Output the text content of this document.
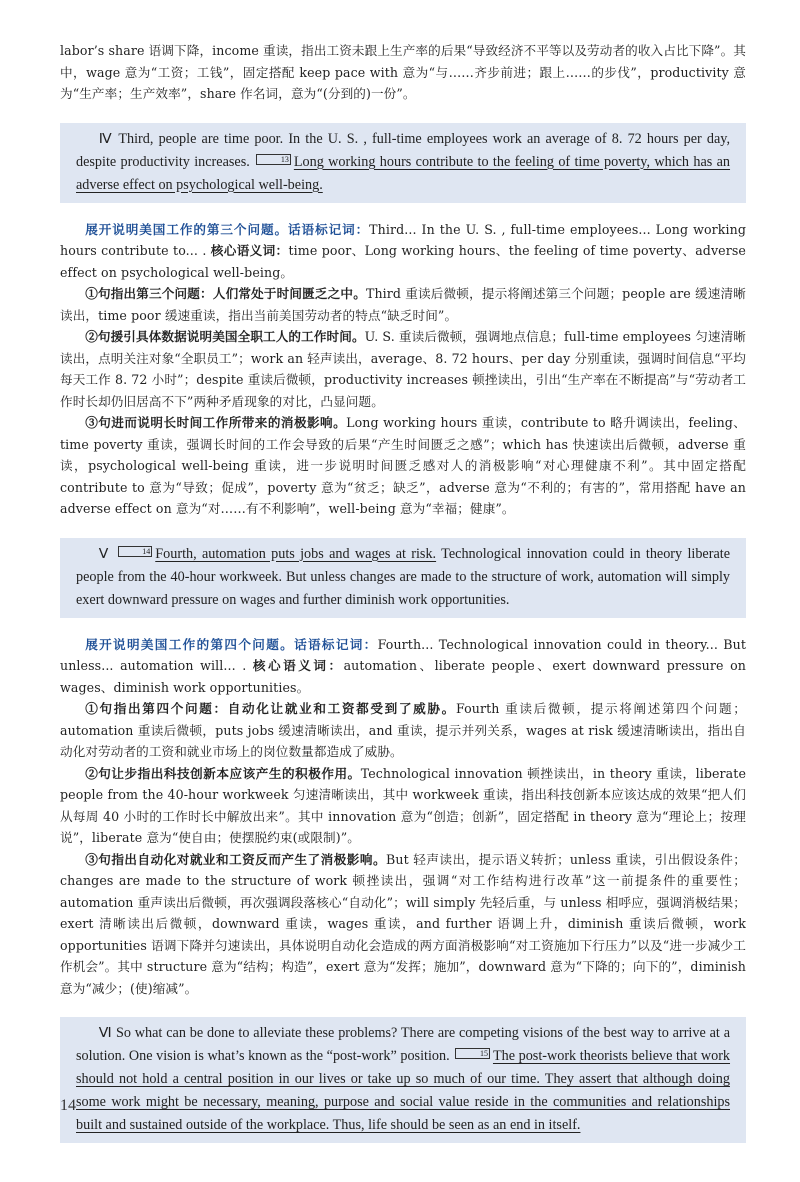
labor’s share 语调下降，income 重读，指出工资未跟上生产率的后果“导致经济不平等以及劳动者的收入占比下降”。其中，wage 意为“工资；工钱”，固定搭配 keep pace with 意为“与……齐步前进；跟上……的步伐”，productivity 意为“生产率；生产效率”，share 作名词，意为“(分到的)一份”。

Ⅳ Third, people are time poor. In the U. S. , full-time employees work an average of 8. 72 hours per day, despite productivity increases.	13 Long working hours contribute to the feeling of time poverty, which has an adverse effect on psychological well-being.

展开说明美国工作的第三个问题。话语标记词：Third... In the U. S. , full-time employees... Long working hours contribute to... . 核心语义词：time poor、Long working hours、the feeling of time poverty、adverse effect on psychological well-being。

①句指出第三个问题：人们常处于时间匮乏之中。Third 重读后微顿，提示将阐述第三个问题；people are 缓速清晰读出，time poor 缓速重读，指出当前美国劳动者的特点“缺乏时间”。

②句援引具体数据说明美国全职工人的工作时间。U. S. 重读后微顿，强调地点信息；full-time employees 匀速清晰读出，点明关注对象“全职员工”；work an 轻声读出，average、8. 72 hours、per day 分别重读，强调时间信息“平均每天工作 8. 72 小时”；despite 重读后微顿，productivity increases 顿挫读出，引出“生产率在不断提高”与“劳动者工作时长却仍旧居高不下”两种矛盾现象的对比，凸显问题。

③句进而说明长时间工作所带来的消极影响。Long working hours 重读，contribute to 略升调读出，feeling、time poverty 重读，强调长时间的工作会导致的后果“产生时间匮乏之感”；which has 快速读出后微顿，adverse 重读，psychological well-being 重读，进一步说明时间匮乏感对人的消极影响“对心理健康不利”。其中固定搭配 contribute to 意为“导致；促成”，poverty 意为“贫乏；缺乏”，adverse 意为“不利的；有害的”，常用搭配 have an adverse effect on 意为“对……有不利影响”，well-being 意为“幸福；健康”。

Ⅴ	14 Fourth, automation puts jobs and wages at risk. Technological innovation could in theory liberate people from the 40-hour workweek. But unless changes are made to the structure of work, automation will simply exert downward pressure on wages and further diminish work opportunities.

展开说明美国工作的第四个问题。话语标记词：Fourth... Technological innovation could in theory... But unless... automation will... . 核心语义词：automation、liberate people、exert downward pressure on wages、diminish work opportunities。

①句指出第四个问题：自动化让就业和工资都受到了威胁。Fourth 重读后微顿，提示将阐述第四个问题；automation 重读后微顿，puts jobs 缓速清晰读出，and 重读，提示并列关系，wages at risk 缓速清晰读出，指出自动化对劳动者的工资和就业市场上的岗位数量都造成了威胁。

②句让步指出科技创新本应该产生的积极作用。Technological innovation 顿挫读出，in theory 重读，liberate people from the 40-hour workweek 匀速清晰读出，其中 workweek 重读，指出科技创新本应该达成的效果“把人们从每周 40 小时的工作时长中解放出来”。其中 innovation 意为“创造；创新”，固定搭配 in theory 意为“理论上；按理说”，liberate 意为“使自由；使摆脱约束(或限制)”。

③句指出自动化对就业和工资反而产生了消极影响。But 轻声读出，提示语义转折；unless 重读，引出假设条件；changes are made to the structure of work 顿挫读出，强调“对工作结构进行改革”这一前提条件的重要性；automation 重声读出后微顿，再次强调段落核心“自动化”；will simply 先轻后重，与 unless 相呼应，强调消极结果；exert 清晰读出后微顿，downward 重读，wages 重读，and further 语调上升，diminish 重读后微顿，work opportunities 语调下降并匀速读出，具体说明自动化会造成的两方面消极影响“对工资施加下行压力”以及“进一步减少工作机会”。其中 structure 意为“结构；构造”，exert 意为“发挥；施加”，downward 意为“下降的；向下的”，diminish 意为“减少；(使)缩减”。

Ⅵ So what can be done to alleviate these problems? There are competing visions of the best way to arrive at a solution. One vision is what’s known as the “post-work” position.	15 The post-work theorists believe that work should not hold a central position in our lives or take up so much of our time. They assert that although doing some work might be necessary, meaning, purpose and social value reside in the communities and relationships built and sustained outside of the workplace. Thus, life should be seen as an end in itself.

14
